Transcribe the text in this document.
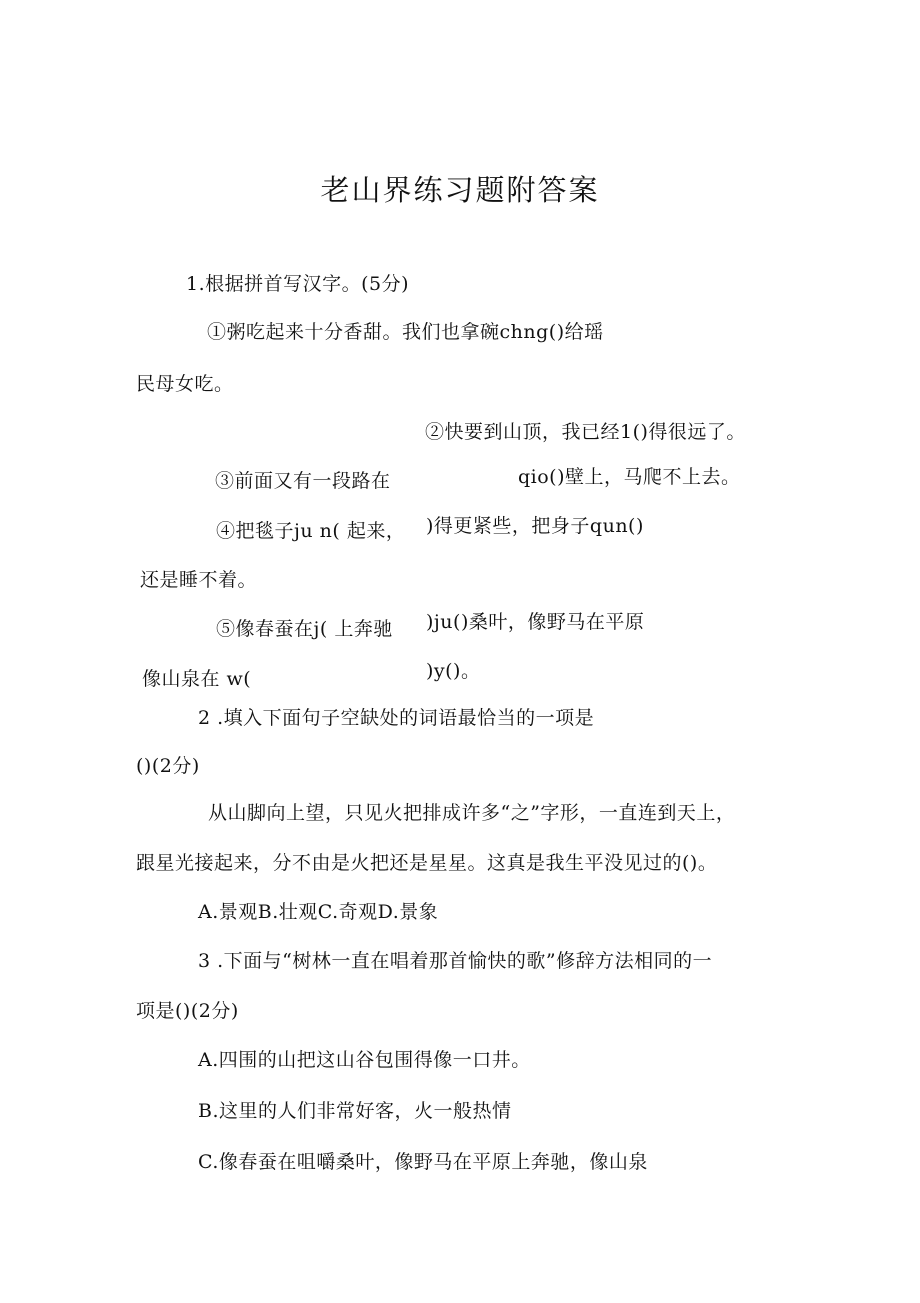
老山界练习题附答案
1.根据拼首写汉字。(5分)
①粥吃起来十分香甜。我们也拿碗chng()给瑶
民母女吃。
②快要到山顶，我已经1()得很远了。
③前面又有一段路在	qio()壁上，马爬不上去。
④把毯子ju n( 起来， )得更紧些，把身子qun()
还是睡不着。
⑤像春蚕在j( 上奔驰 )ju()桑叶，像野马在平原
像山泉在 w(	)y()。
2 .填入下面句子空缺处的词语最恰当的一项是
()(2分)
从山脚向上望，只见火把排成许多“之”字形，一直连到天上，
跟星光接起来，分不由是火把还是星星。这真是我生平没见过的()。
A.景观B.壮观C.奇观D.景象
3 .下面与“树林一直在唱着那首愉快的歌”修辞方法相同的一
项是()(2分)
A.四围的山把这山谷包围得像一口井。
B.这里的人们非常好客，火一般热情
C.像春蚕在咀嚼桑叶，像野马在平原上奔驰，像山泉
